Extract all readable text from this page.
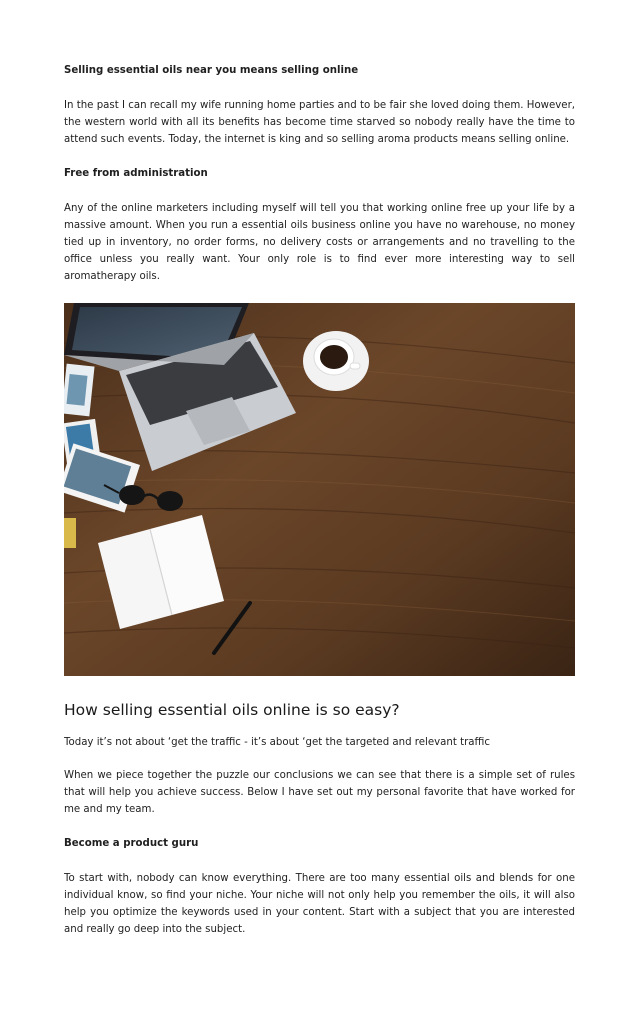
Selling essential oils near you means selling online

In the past I can recall my wife running home parties and to be fair she loved doing them. However, the western world with all its benefits has become time starved so nobody really have the time to attend such events. Today, the internet is king and so selling aroma products means selling online.

Free from administration

Any of the online marketers including myself will tell you that working online free up your life by a massive amount. When you run a essential oils business online you have no warehouse, no money tied up in inventory, no order forms, no delivery costs or arrangements and no travelling to the office unless you really want. Your only role is to find ever more interesting way to sell aromatherapy oils.

How selling essential oils online is so easy?

Today it’s not about ‘get the traffic - it’s about ‘get the targeted and relevant traffic

When we piece together the puzzle our conclusions we can see that there is a simple set of rules that will help you achieve success. Below I have set out my personal favorite that have worked for me and my team.

Become a product guru

To start with, nobody can know everything. There are too many essential oils and blends for one individual know, so find your niche. Your niche will not only help you remember the oils, it will also help you optimize the keywords used in your content. Start with a subject that you are interested and really go deep into the subject.
